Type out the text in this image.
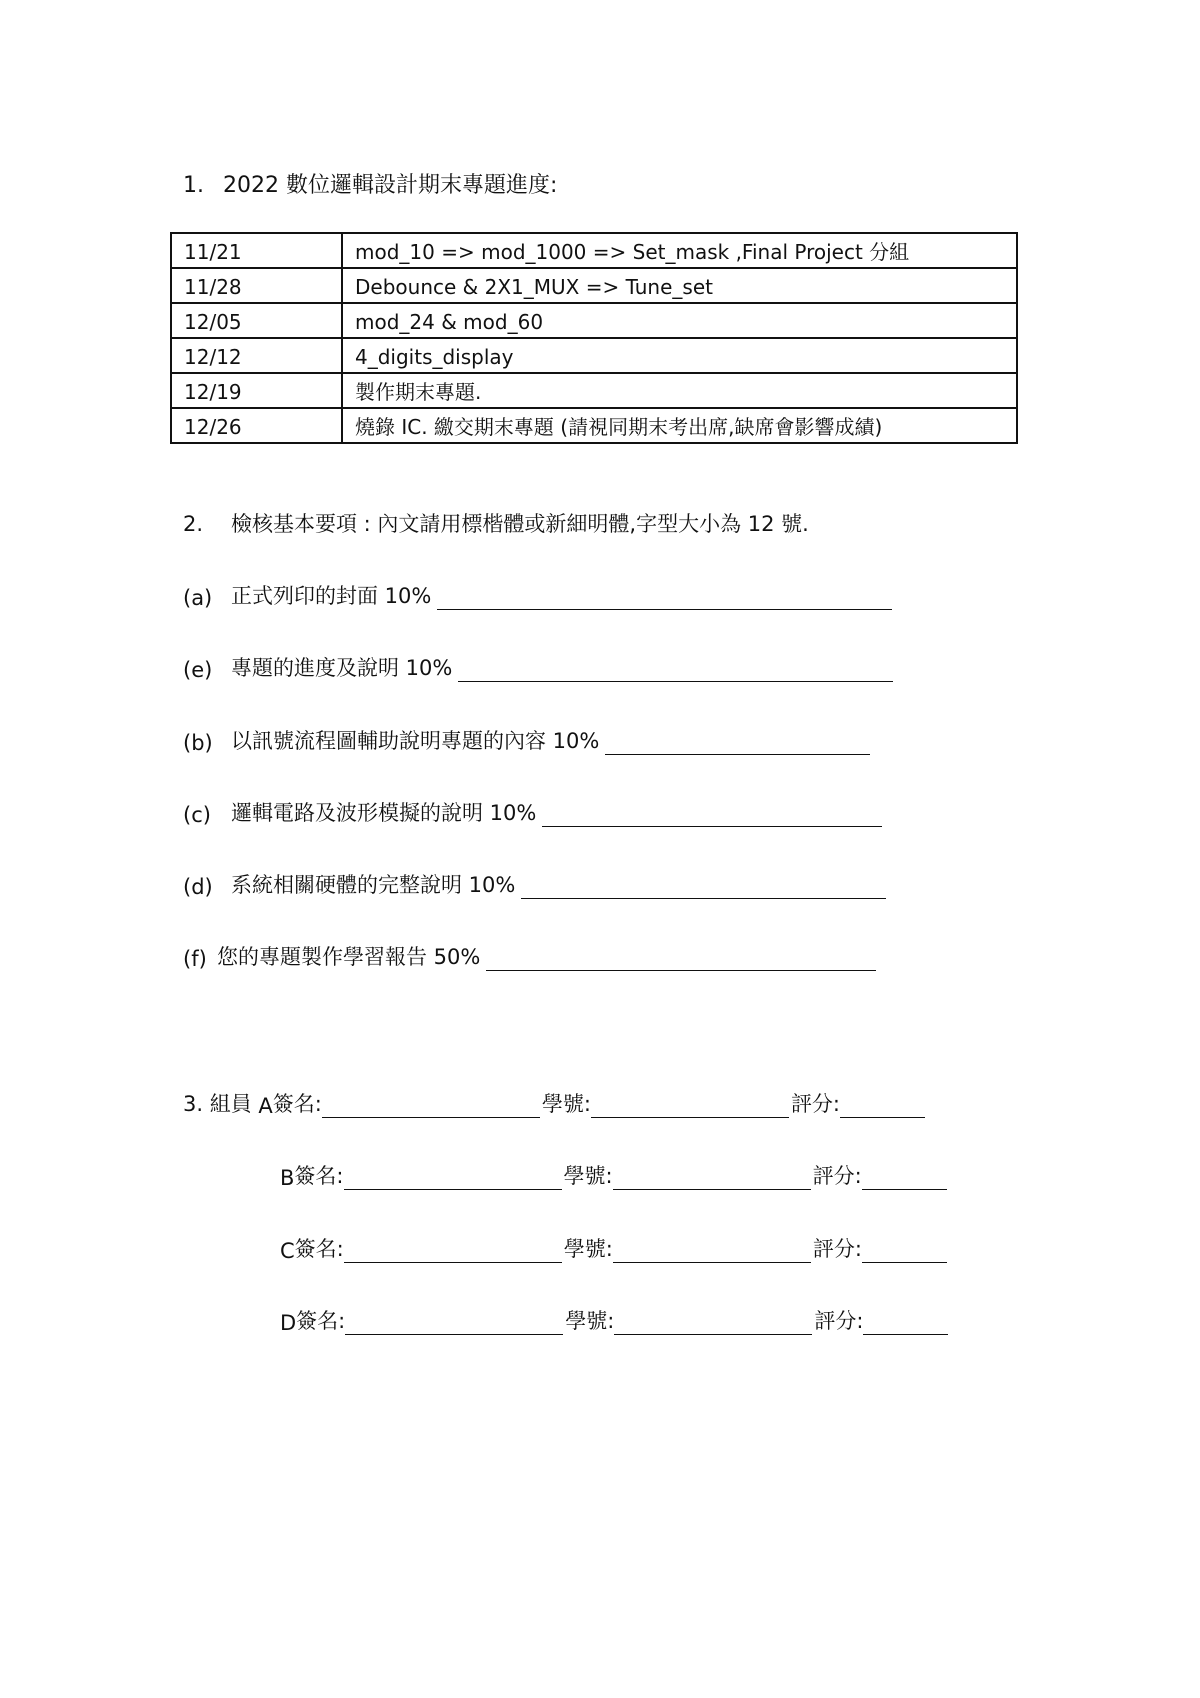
1. 2022 數位邏輯設計期末專題進度:
11/21	mod_10 => mod_1000 => Set_mask ,Final Project 分組
11/28	Debounce & 2X1_MUX => Tune_set
12/05	mod_24 & mod_60
12/12	4_digits_display
12/19	製作期末專題.
12/26	燒錄 IC. 繳交期末專題 (請視同期末考出席,缺席會影響成績)
2. 檢核基本要項 : 內文請用標楷體或新細明體,字型大小為 12 號.
(a) 正式列印的封面 10%
(e) 專題的進度及說明 10%
(b) 以訊號流程圖輔助說明專題的內容 10%
(c) 邏輯電路及波形模擬的說明 10%
(d) 系統相關硬體的完整說明 10%
(f) 您的專題製作學習報告 50%
3. 組員
A 簽名:	學號:	評分:
B 簽名:	學號:	評分:
C 簽名:	學號:	評分:
D 簽名:	學號:	評分:
